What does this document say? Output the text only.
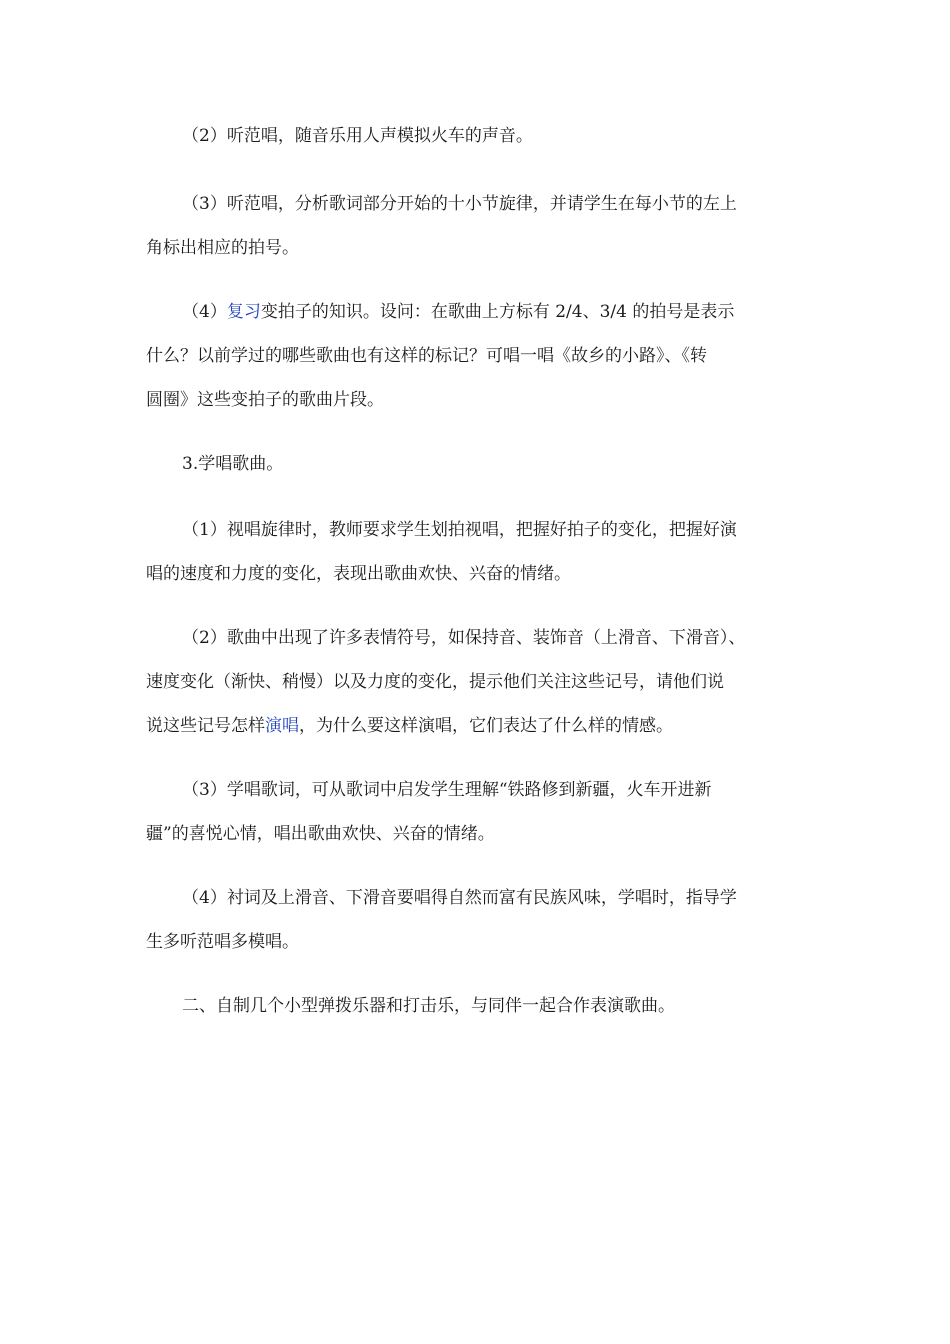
（2）听范唱，随音乐用人声模拟火车的声音。
（3）听范唱，分析歌词部分开始的十小节旋律，并请学生在每小节的左上
角标出相应的拍号。
（4）复习变拍子的知识。设问：在歌曲上方标有 2/4、3/4 的拍号是表示
什么？以前学过的哪些歌曲也有这样的标记？可唱一唱《故乡的小路》、《转
圆圈》这些变拍子的歌曲片段。
3.学唱歌曲。
（1）视唱旋律时，教师要求学生划拍视唱，把握好拍子的变化，把握好演
唱的速度和力度的变化，表现出歌曲欢快、兴奋的情绪。
（2）歌曲中出现了许多表情符号，如保持音、装饰音（上滑音、下滑音）、
速度变化（渐快、稍慢）以及力度的变化，提示他们关注这些记号，请他们说
说这些记号怎样演唱，为什么要这样演唱，它们表达了什么样的情感。
（3）学唱歌词，可从歌词中启发学生理解“铁路修到新疆，火车开进新
疆”的喜悦心情，唱出歌曲欢快、兴奋的情绪。
（4）衬词及上滑音、下滑音要唱得自然而富有民族风味，学唱时，指导学
生多听范唱多模唱。
二、自制几个小型弹拨乐器和打击乐，与同伴一起合作表演歌曲。
